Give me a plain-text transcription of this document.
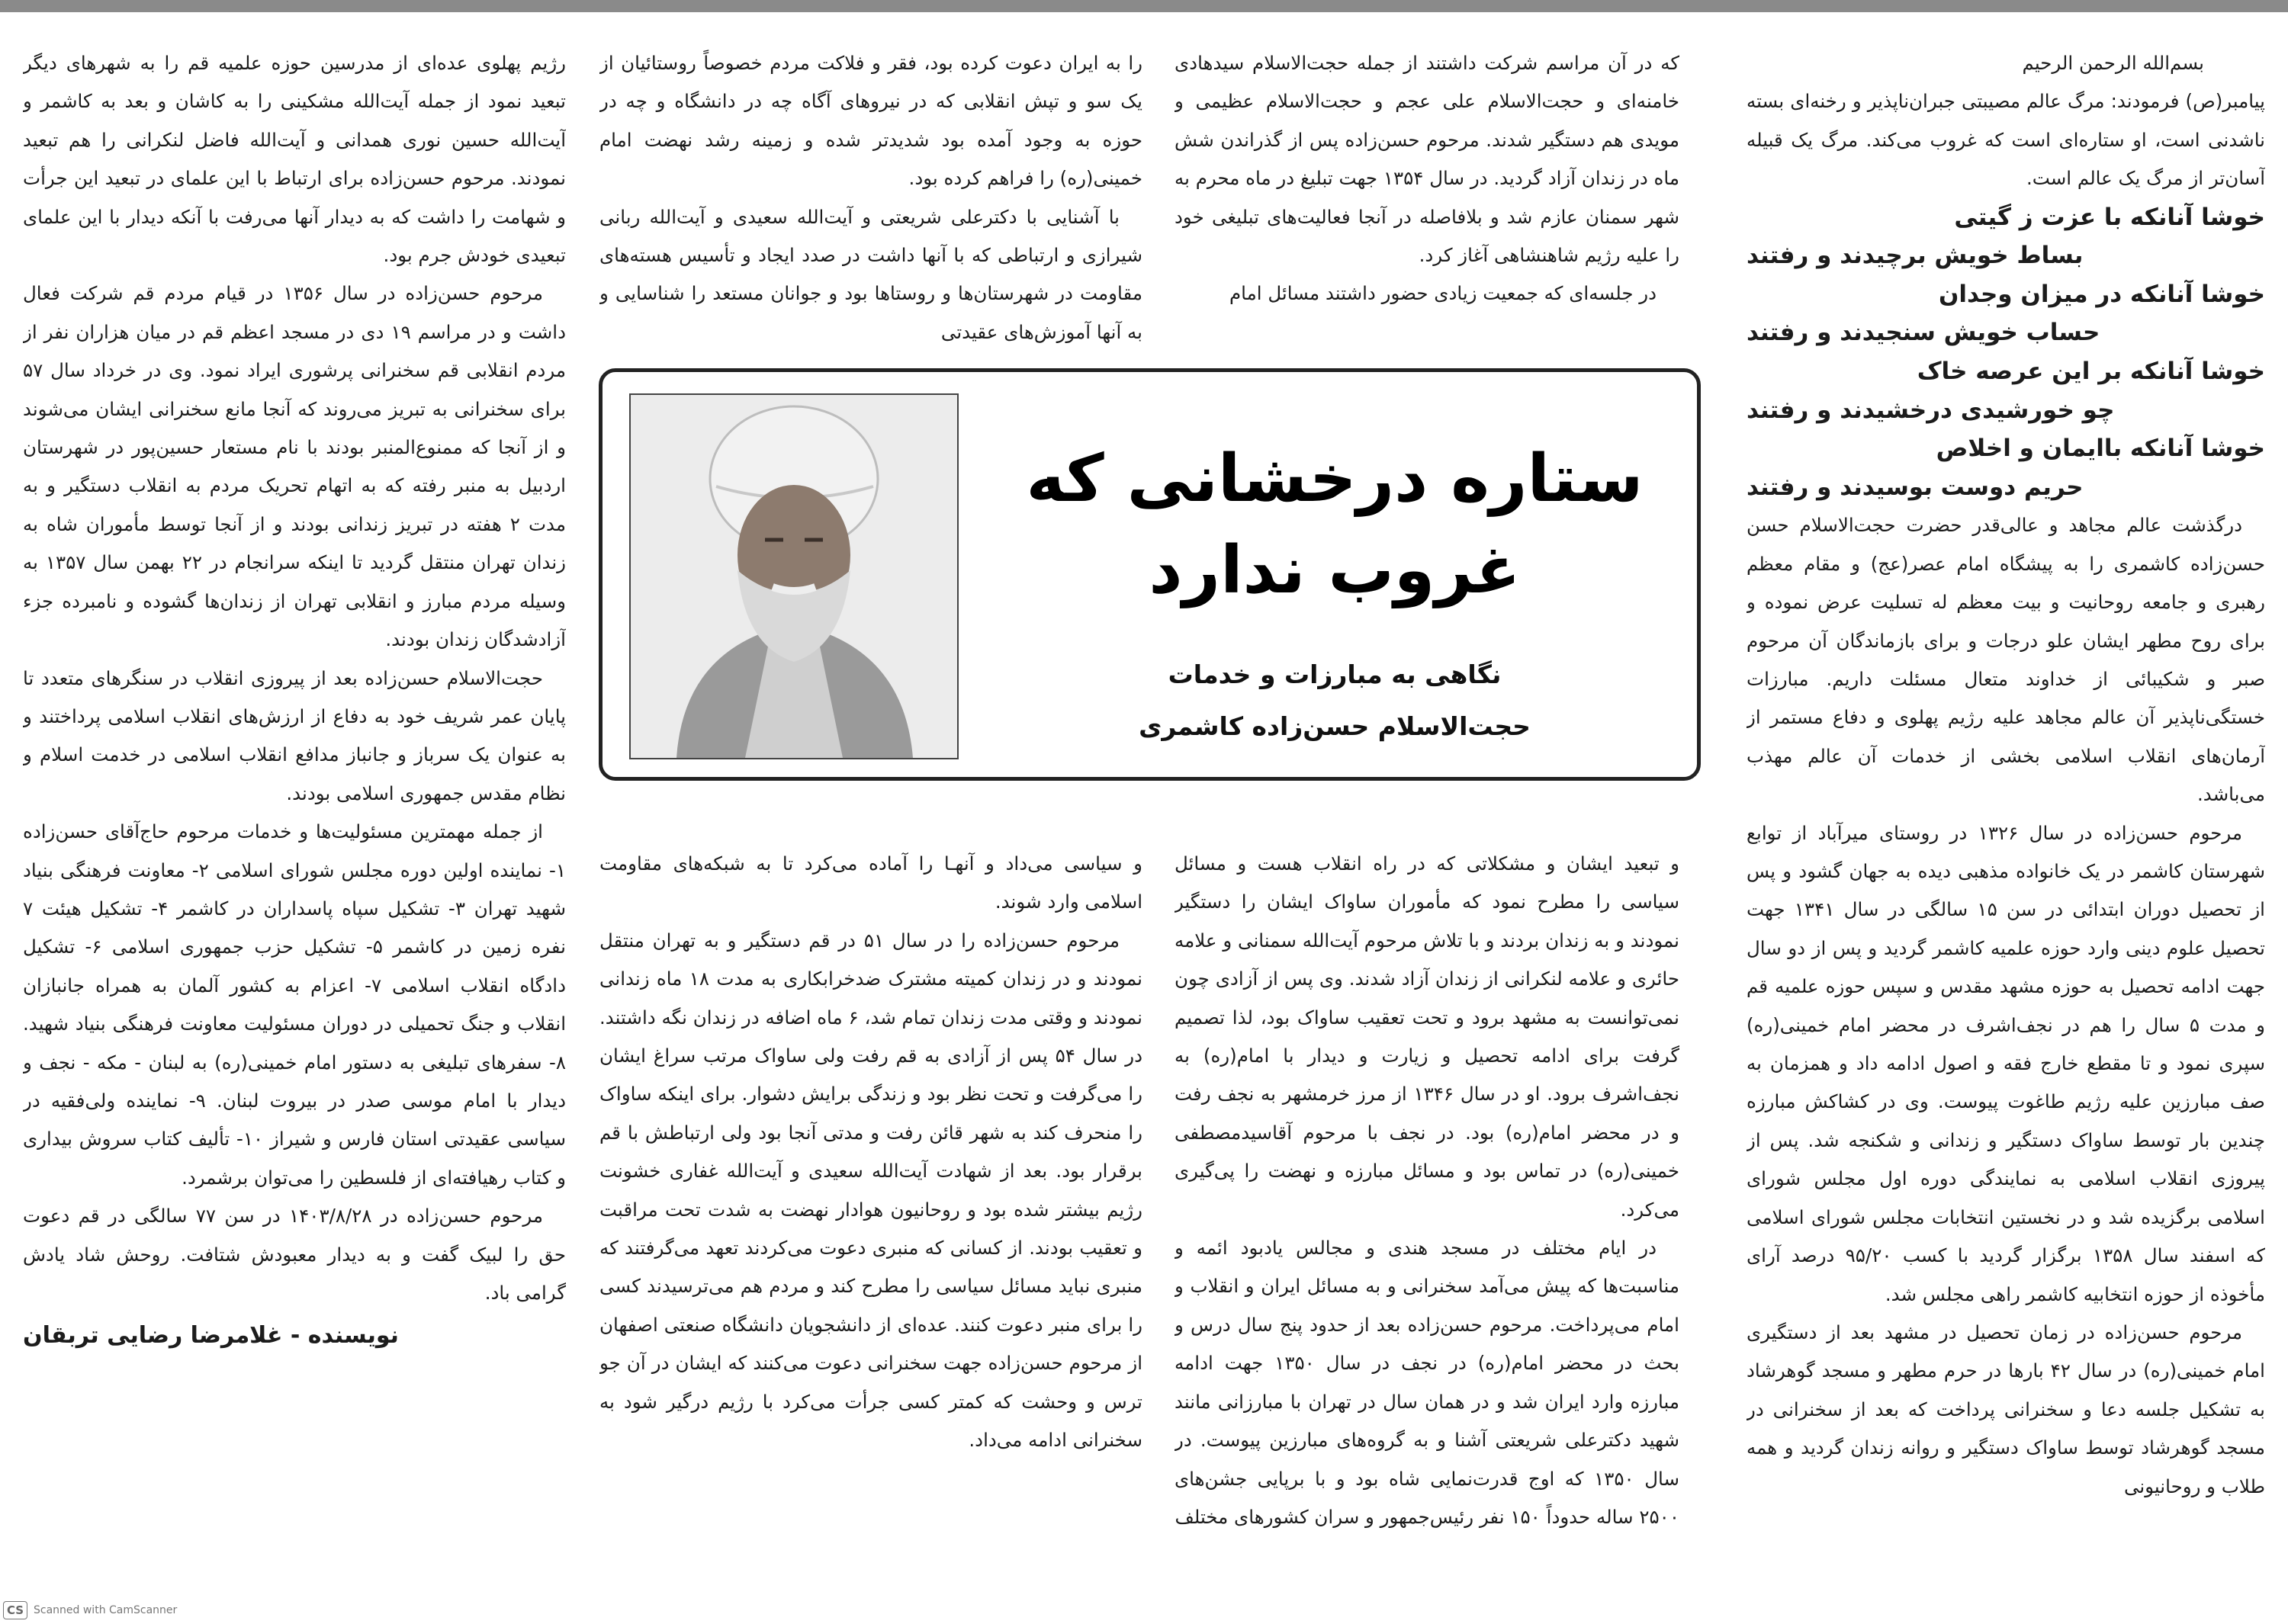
بسم‌الله الرحمن الرحیم

پیامبر(ص) فرمودند: مرگ عالم مصیبتی جبران‌ناپذیر و رخنه‌ای بسته ناشدنی است، او ستاره‌ای است که غروب می‌کند. مرگ یک قبیله آسان‌تر از مرگ یک عالم است.

خوشا آنانکه با عزت ز گیتی

بساط خویش برچیدند و رفتند

خوشا آنانکه در میزان وجدان

حساب خویش سنجیدند و رفتند

خوشا آنانکه بر این عرصه خاک

چو خورشیدی درخشیدند و رفتند

خوشا آنانکه باایمان و اخلاص

حریم دوست بوسیدند و رفتند

درگذشت عالم مجاهد و عالی‌قدر حضرت حجت‌الاسلام حسن حسن‌زاده کاشمری را به پیشگاه امام عصر(عج) و مقام معظم رهبری و جامعه روحانیت و بیت معظم له تسلیت عرض نموده و برای روح مطهر ایشان علو درجات و برای بازماندگان آن مرحوم صبر و شکیبائی از خداوند متعال مسئلت داریم. مبارزات خستگی‌ناپذیر آن عالم مجاهد علیه رژیم پهلوی و دفاع مستمر از آرمان‌های انقلاب اسلامی بخشی از خدمات آن عالم مهذب می‌باشد.

مرحوم حسن‌زاده در سال ۱۳۲۶ در روستای میرآباد از توابع شهرستان کاشمر در یک خانواده مذهبی دیده به جهان گشود و پس از تحصیل دوران ابتدائی در سن ۱۵ سالگی در سال ۱۳۴۱ جهت تحصیل علوم دینی وارد حوزه علمیه کاشمر گردید و پس از دو سال جهت ادامه تحصیل به حوزه مشهد مقدس و سپس حوزه علمیه قم و مدت ۵ سال را هم در نجف‌اشرف در محضر امام خمینی(ره) سپری نمود و تا مقطع خارج فقه و اصول ادامه داد و همزمان به صف مبارزین علیه رژیم طاغوت پیوست. وی در کشاکش مبارزه چندین بار توسط ساواک دستگیر و زندانی و شکنجه شد. پس از پیروزی انقلاب اسلامی به نمایندگی دوره اول مجلس شورای اسلامی برگزیده شد و در نخستین انتخابات مجلس شورای اسلامی که اسفند سال ۱۳۵۸ برگزار گردید با کسب ۹۵/۲۰ درصد آرای مأخوذه از حوزه انتخابیه کاشمر راهی مجلس شد.

مرحوم حسن‌زاده در زمان تحصیل در مشهد بعد از دستگیری امام خمینی(ره) در سال ۴۲ بارها در حرم مطهر و مسجد گوهرشاد به تشکیل جلسه دعا و سخنرانی پرداخت که بعد از سخنرانی در مسجد گوهرشاد توسط ساواک دستگیر و روانه زندان گردید و همه طلاب و روحانیونی

که در آن مراسم شرکت داشتند از جمله حجت‌الاسلام سیدهادی خامنه‌ای و حجت‌الاسلام علی عجم و حجت‌الاسلام عظیمی و مویدی هم دستگیر شدند. مرحوم حسن‌زاده پس از گذراندن شش ماه در زندان آزاد گردید. در سال ۱۳۵۴ جهت تبلیغ در ماه محرم به شهر سمنان عازم شد و بلافاصله در آنجا فعالیت‌های تبلیغی خود را علیه رژیم شاهنشاهی آغاز کرد.

در جلسه‌ای که جمعیت زیادی حضور داشتند مسائل امام

را به ایران دعوت کرده بود، فقر و فلاکت مردم خصوصاً روستائیان از یک سو و تپش انقلابی که در نیروهای آگاه چه در دانشگاه و چه در حوزه به وجود آمده بود شدیدتر شده و زمینه رشد نهضت امام خمینی(ره) را فراهم کرده بود.

با آشنایی با دکترعلی شریعتی و آیت‌الله سعیدی و آیت‌الله ربانی شیرازی و ارتباطی که با آنها داشت در صدد ایجاد و تأسیس هسته‌های مقاومت در شهرستان‌ها و روستاها بود و جوانان مستعد را شناسایی و به آنها آموزش‌های عقیدتی

ستاره درخشانی که
غروب ندارد
نگاهی به مبارزات و خدمات
حجت‌الاسلام حسن‌زاده کاشمری

و تبعید ایشان و مشکلاتی که در راه انقلاب هست و مسائل سیاسی را مطرح نمود که مأموران ساواک ایشان را دستگیر نمودند و به زندان بردند و با تلاش مرحوم آیت‌الله سمنانی و علامه حائری و علامه لنکرانی از زندان آزاد شدند. وی پس از آزادی چون نمی‌توانست به مشهد برود و تحت تعقیب ساواک بود، لذا تصمیم گرفت برای ادامه تحصیل و زیارت و دیدار با امام(ره) به نجف‌اشرف برود. او در سال ۱۳۴۶ از مرز خرمشهر به نجف رفت و در محضر امام(ره) بود. در نجف با مرحوم آقاسیدمصطفی خمینی(ره) در تماس بود و مسائل مبارزه و نهضت را پی‌گیری می‌کرد.

در ایام مختلف در مسجد هندی و مجالس یادبود ائمه و مناسبت‌ها که پیش می‌آمد سخنرانی و به مسائل ایران و انقلاب و امام می‌پرداخت. مرحوم حسن‌زاده بعد از حدود پنج سال درس و بحث در محضر امام(ره) در نجف در سال ۱۳۵۰ جهت ادامه مبارزه وارد ایران شد و در همان سال در تهران با مبارزانی مانند شهید دکترعلی شریعتی آشنا و به گروه‌های مبارزین پیوست. در سال ۱۳۵۰ که اوج قدرت‌نمایی شاه بود و با برپایی جشن‌های ۲۵۰۰ ساله حدوداً ۱۵۰ نفر رئیس‌جمهور و سران کشورهای مختلف

و سیاسی می‌داد و آنهـا را آماده می‌کرد تا به شبکه‌های مقاومت اسلامی وارد شوند.

مرحوم حسن‌زاده را در سال ۵۱ در قم دستگیر و به تهران منتقل نمودند و در زندان کمیته مشترک ضدخرابکاری به مدت ۱۸ ماه زندانی نمودند و وقتی مدت زندان تمام شد، ۶ ماه اضافه در زندان نگه داشتند. در سال ۵۴ پس از آزادی به قم رفت ولی ساواک مرتب سراغ ایشان را می‌گرفت و تحت نظر بود و زندگی برایش دشوار. برای اینکه ساواک را منحرف کند به شهر قائن رفت و مدتی آنجا بود ولی ارتباطش با قم برقرار بود. بعد از شهادت آیت‌الله سعیدی و آیت‌الله غفاری خشونت رژیم بیشتر شده بود و روحانیون هوادار نهضت به شدت تحت مراقبت و تعقیب بودند. از کسانی که منبری دعوت می‌کردند تعهد می‌گرفتند که منبری نباید مسائل سیاسی را مطرح کند و مردم هم می‌ترسیدند کسی را برای منبر دعوت کنند. عده‌ای از دانشجویان دانشگاه صنعتی اصفهان از مرحوم حسن‌زاده جهت سخنرانی دعوت می‌کنند که ایشان در آن جو ترس و وحشت که کمتر کسی جرأت می‌کرد با رژیم درگیر شود به سخنرانی ادامه می‌داد.

رژیم پهلوی عده‌ای از مدرسین حوزه علمیه قم را به شهرهای دیگر تبعید نمود از جمله آیت‌الله مشکینی را به کاشان و بعد به کاشمر و آیت‌الله حسین نوری همدانی و آیت‌الله فاضل لنکرانی را هم تبعید نمودند. مرحوم حسن‌زاده برای ارتباط با این علمای در تبعید این جرأت و شهامت را داشت که به دیدار آنها می‌رفت با آنکه دیدار با این علمای تبعیدی خودش جرم بود.

مرحوم حسن‌زاده در سال ۱۳۵۶ در قیام مردم قم شرکت فعال داشت و در مراسم ۱۹ دی در مسجد اعظم قم در میان هزاران نفر از مردم انقلابی قم سخنرانی پرشوری ایراد نمود. وی در خرداد سال ۵۷ برای سخنرانی به تبریز می‌روند که آنجا مانع سخنرانی ایشان می‌شوند و از آنجا که ممنوع‌المنبر بودند با نام مستعار حسین‌پور در شهرستان اردبیل به منبر رفته که به اتهام تحریک مردم به انقلاب دستگیر و به مدت ۲ هفته در تبریز زندانی بودند و از آنجا توسط مأموران شاه به زندان تهران منتقل گردید تا اینکه سرانجام در ۲۲ بهمن سال ۱۳۵۷ به وسیله مردم مبارز و انقلابی تهران از زندان‌ها گشوده و نامبرده جزء آزادشدگان زندان بودند.

حجت‌الاسلام حسن‌زاده بعد از پیروزی انقلاب در سنگرهای متعدد تا پایان عمر شریف خود به دفاع از ارزش‌های انقلاب اسلامی پرداختند و به عنوان یک سرباز و جانباز مدافع انقلاب اسلامی در خدمت اسلام و نظام مقدس جمهوری اسلامی بودند.

از جمله مهمترین مسئولیت‌ها و خدمات مرحوم حاج‌آقای حسن‌زاده ۱- نماینده اولین دوره مجلس شورای اسلامی ۲- معاونت فرهنگی بنیاد شهید تهران ۳- تشکیل سپاه پاسداران در کاشمر ۴- تشکیل هیئت ۷ نفره زمین در کاشمر ۵- تشکیل حزب جمهوری اسلامی ۶- تشکیل دادگاه انقلاب اسلامی ۷- اعزام به کشور آلمان به همراه جانبازان انقلاب و جنگ تحمیلی در دوران مسئولیت معاونت فرهنگی بنیاد شهید. ۸- سفرهای تبلیغی به دستور امام خمینی(ره) به لبنان - مکه - نجف و دیدار با امام موسی صدر در بیروت لبنان. ۹- نماینده ولی‌فقیه در سیاسی عقیدتی استان فارس و شیراز ۱۰- تألیف کتاب سروش بیداری و کتاب رهیافته‌ای از فلسطین را می‌توان برشمرد.

مرحوم حسن‌زاده در ۱۴۰۳/۸/۲۸ در سن ۷۷ سالگی در قم دعوت حق را لبیک گفت و به دیدار معبودش شتافت. روحش شاد یادش گرامی باد.

نویسنده - غلامرضا رضایی تربقان

CS Scanned with CamScanner
